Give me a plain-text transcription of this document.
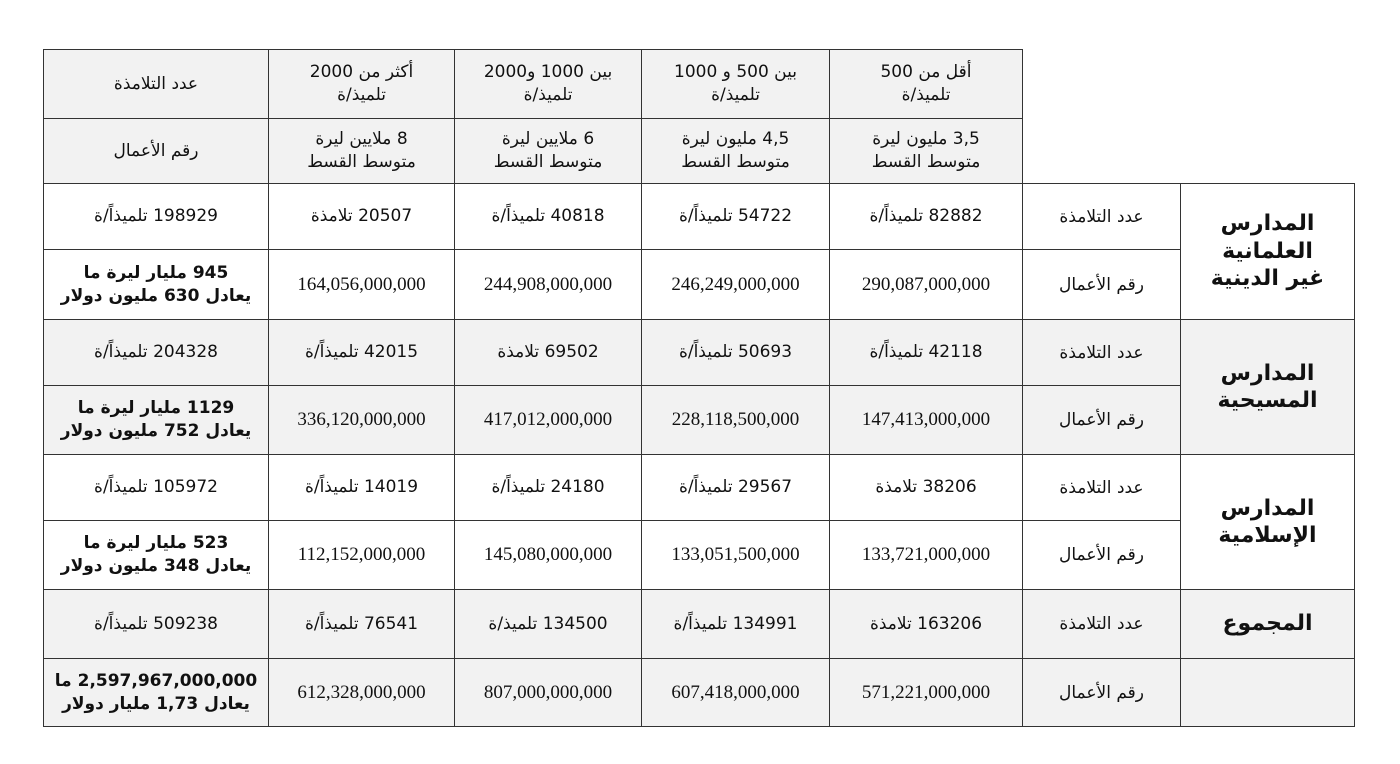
أقل من 500
تلميذ/ة
3,5 مليون ليرة
متوسط القسط
بين 500 و 1000
تلميذ/ة
4,5 مليون ليرة
متوسط القسط
بين 1000 و2000
تلميذ/ة
6 ملايين ليرة
متوسط القسط
أكثر من 2000
تلميذ/ة
8 ملايين ليرة
متوسط القسط
عدد التلامذة
رقم الأعمال
المدارس
العلمانية
غير الدينية
عدد التلامذة
رقم الأعمال
82882 تلميذاً/ة
290,087,000,000
54722 تلميذاً/ة
246,249,000,000
40818 تلميذاً/ة
244,908,000,000
20507 تلامذة
164,056,000,000
198929 تلميذاً/ة
945 مليار ليرة ما
يعادل 630 مليون دولار
المدارس
المسيحية
عدد التلامذة
رقم الأعمال
42118 تلميذاً/ة
147,413,000,000
50693 تلميذاً/ة
228,118,500,000
69502 تلامذة
417,012,000,000
42015 تلميذاً/ة
336,120,000,000
204328 تلميذاً/ة
1129 مليار ليرة ما
يعادل 752 مليون دولار
المدارس
الإسلامية
عدد التلامذة
رقم الأعمال
38206 تلامذة
133,721,000,000
29567 تلميذاً/ة
133,051,500,000
24180 تلميذاً/ة
145,080,000,000
14019 تلميذاً/ة
112,152,000,000
105972 تلميذاً/ة
523 مليار ليرة ما
يعادل 348 مليون دولار
المجموع
عدد التلامذة
رقم الأعمال
163206 تلامذة
571,221,000,000
134991 تلميذاً/ة
607,418,000,000
134500 تلميذ/ة
807,000,000,000
76541 تلميذاً/ة
612,328,000,000
509238 تلميذاً/ة
2,597,967,000,000 ما
يعادل 1,73 مليار دولار
